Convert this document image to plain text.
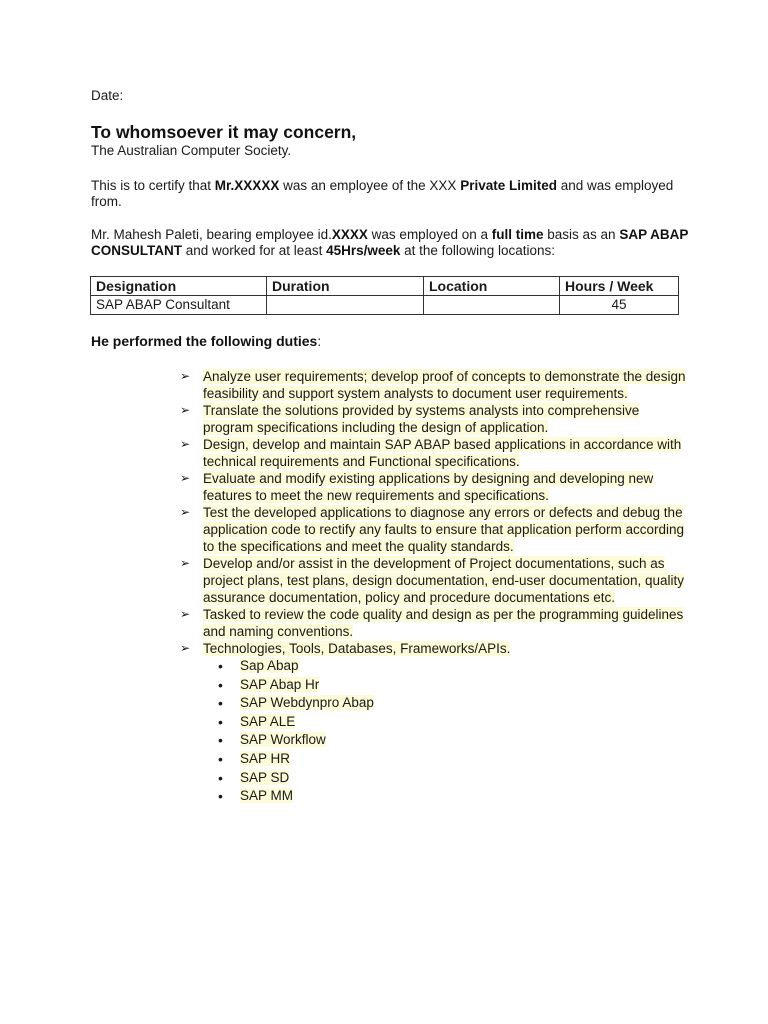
Date:
To whomsoever it may concern,
The Australian Computer Society.
This is to certify that Mr.XXXXX was an employee of the XXX Private Limited and was employed from.
Mr. Mahesh Paleti, bearing employee id.XXXX was employed on a full time basis as an SAP ABAP CONSULTANT and worked for at least 45Hrs/week at the following locations:
Designation	Duration	Location	Hours / Week
SAP ABAP Consultant			45
He performed the following duties:
➢ Analyze user requirements; develop proof of concepts to demonstrate the design feasibility and support system analysts to document user requirements.
➢ Translate the solutions provided by systems analysts into comprehensive program specifications including the design of application.
➢ Design, develop and maintain SAP ABAP based applications in accordance with technical requirements and Functional specifications.
➢ Evaluate and modify existing applications by designing and developing new features to meet the new requirements and specifications.
➢ Test the developed applications to diagnose any errors or defects and debug the application code to rectify any faults to ensure that application perform according to the specifications and meet the quality standards.
➢ Develop and/or assist in the development of Project documentations, such as project plans, test plans, design documentation, end-user documentation, quality assurance documentation, policy and procedure documentations etc.
➢ Tasked to review the code quality and design as per the programming guidelines and naming conventions.
➢ Technologies, Tools, Databases, Frameworks/APIs.
• Sap Abap
• SAP Abap Hr
• SAP Webdynpro Abap
• SAP ALE
• SAP Workflow
• SAP HR
• SAP SD
• SAP MM
